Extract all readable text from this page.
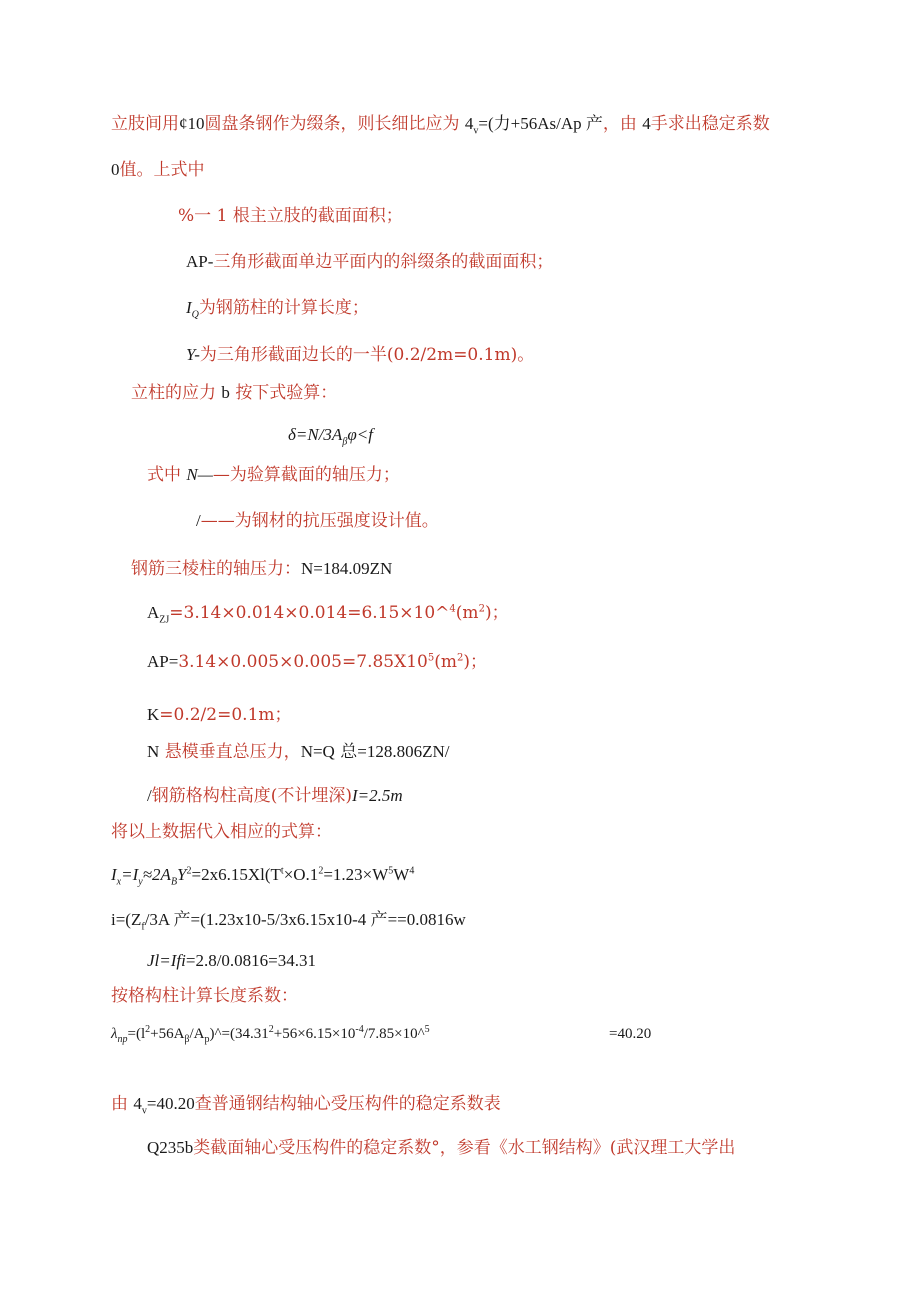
立肢间用¢10圆盘条钢作为缀条，则长细比应为 $4_v=$(力+56As/Ap 产，由 4手求出稳定系数
0值。上式中
%一 1 根主立肢的截面面积；
AP-三角形截面单边平面内的斜缀条的截面面积；
$I_Q$为钢筋柱的计算长度；
Y-为三角形截面边长的一半(0.2/2m=0.1m)。
立柱的应力 b 按下式验算：
$\delta=N/3A_\beta\varphi<f$
式中 N——为验算截面的轴压力；
/——为钢材的抗压强度设计值。
钢筋三棱柱的轴压力：N=184.09ZN
$A_{ZJ}=3.14\times 0.014\times 0.014=6.15\times 10\^{}^4(m^2)$；
$AP=3.14\times 0.005\times 0.005=7.85X10^5(m^2)$；
K=0.2/2=0.1m；
N 悬模垂直总压力，N=Q 总=128.806ZN/
/钢筋格构柱高度(不计埋深)I=2.5m
将以上数据代入相应的式算：
$I_x=I_y\approx 2A_BY^2=2x6.15Xl(T^t\times O.1^2=1.23\times W^5W^4$
$i=(Z_f/3A$ 产=(1.23x10-5/3x6.15x10-4 产==0.0816w
Jl=Ifi=2.8/0.0816=34.31
按格构柱计算长度系数：
$\lambda_{np}=(l^2+56A_\beta/A_p)\^{}=(34.31^2+56\times 6.15\times 10^{-4}/7.85\times 10\^{}^5$	=40.20
由 $4_v=40.20$查普通钢结构轴心受压构件的稳定系数表
Q235b类截面轴心受压构件的稳定系数°，参看《水工钢结构》(武汉理工大学出
